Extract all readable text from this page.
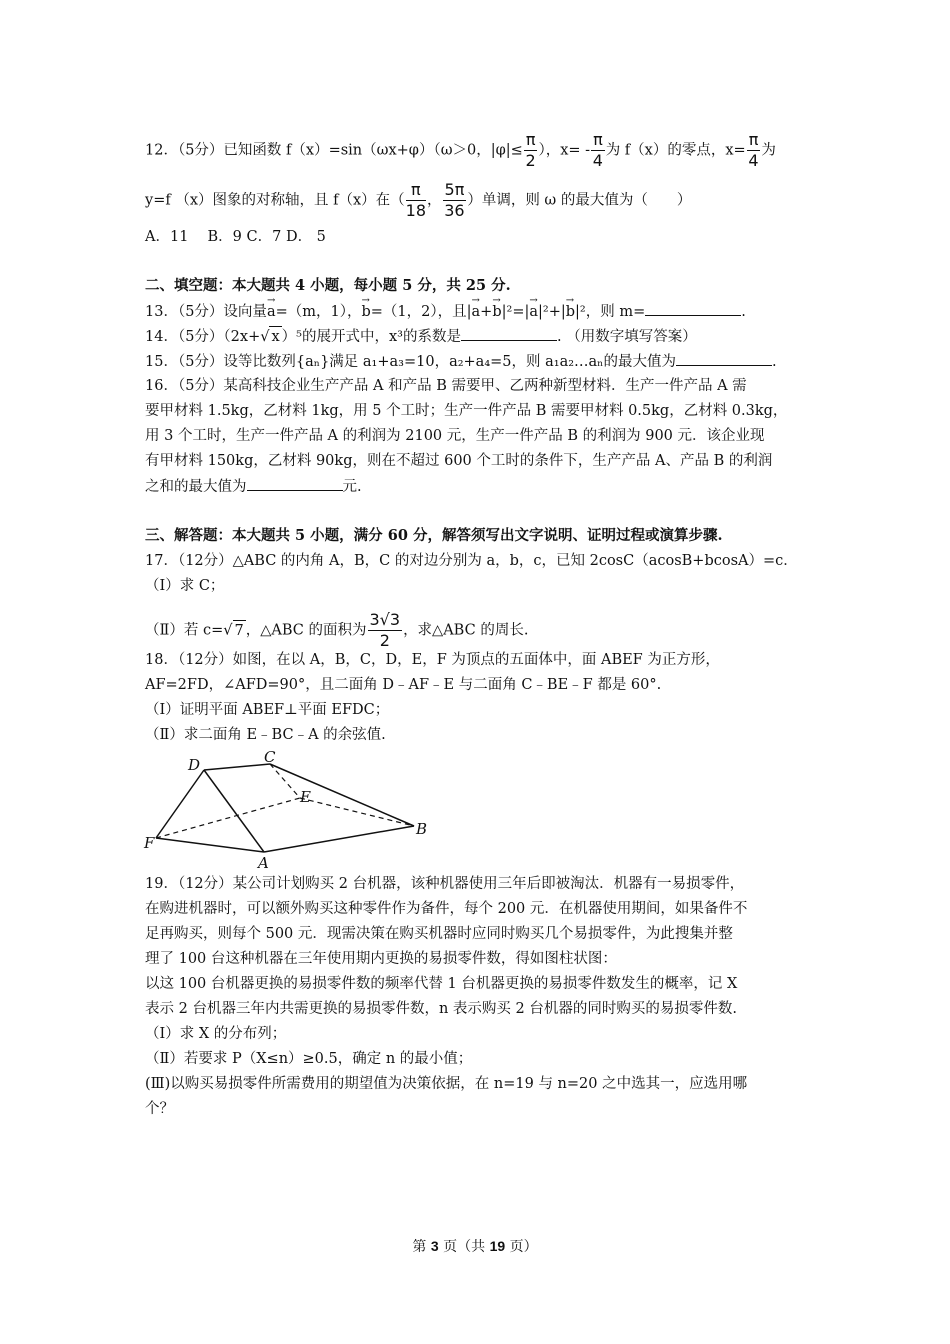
12．（5分）已知函数 f（x）=sin（ωx+φ）（ω＞0，$|\varphi|\le \frac{\pi}{2}$ ），$x= - \frac{\pi}{4}$ 为 f（x）的零点，$x= \frac{\pi}{4}$ 为
y=f （x）图象的对称轴，且 f（x）在（ $\frac{\pi}{18}$ ， $\frac{5\pi}{36}$ ）单调，则 ω 的最大值为（　　）
A．11　 B．9 C．7 D． 5
二、填空题：本大题共 4 小题，每小题 5 分，共 25 分.
13．（5分）设向量→ a=（m，1），→ b=（1，2），且|→ a+→ b|²=|→ a|²+|→ b|²，则 m=	.
14．（5分）（2x+√ x ）⁵的展开式中，x³的系数是	. （用数字填写答案）
15．（5分）设等比数列{aₙ}满足 a₁+a₃=10，a₂+a₄=5，则 a₁a₂…aₙ的最大值为	.
16．（5分）某高科技企业生产产品 A 和产品 B 需要甲、乙两种新型材料．生产一件产品 A 需
要甲材料 1.5kg，乙材料 1kg，用 5 个工时；生产一件产品 B 需要甲材料 0.5kg，乙材料 0.3kg，
用 3 个工时，生产一件产品 A 的利润为 2100 元，生产一件产品 B 的利润为 900 元．该企业现
有甲材料 150kg，乙材料 90kg，则在不超过 600 个工时的条件下，生产产品 A、产品 B 的利润
之和的最大值为	元.
三、解答题：本大题共 5 小题，满分 60 分，解答须写出文字说明、证明过程或演算步骤.
17．（12分）△ABC 的内角 A，B，C 的对边分别为 a，b，c，已知 2cosC（acosB+bcosA）=c．
（Ⅰ）求 C；
（Ⅱ）若 c=√ 7 ，△ABC 的面积为 $\frac{3√3}{2}$ ，求△ABC 的周长.
18．（12分）如图，在以 A，B，C，D，E，F 为顶点的五面体中，面 ABEF 为正方形，
AF=2FD，∠AFD=90°，且二面角 D﹣AF﹣E 与二面角 C﹣BE﹣F 都是 60°.
（Ⅰ）证明平面 ABEF⊥平面 EFDC；
（Ⅱ）求二面角 E﹣BC﹣A 的余弦值.
D	C
E
F
B
A
19．（12分）某公司计划购买 2 台机器，该种机器使用三年后即被淘汰．机器有一易损零件，
在购进机器时，可以额外购买这种零件作为备件，每个 200 元．在机器使用期间，如果备件不
足再购买，则每个 500 元．现需决策在购买机器时应同时购买几个易损零件，为此搜集并整
理了 100 台这种机器在三年使用期内更换的易损零件数，得如图柱状图：
以这 100 台机器更换的易损零件数的频率代替 1 台机器更换的易损零件数发生的概率，记 X
表示 2 台机器三年内共需更换的易损零件数，n 表示购买 2 台机器的同时购买的易损零件数.
（Ⅰ）求 X 的分布列；
（Ⅱ）若要求 P（X≤n）≥0.5，确定 n 的最小值；
(Ⅲ)以购买易损零件所需费用的期望值为决策依据，在 n=19 与 n=20 之中选其一，应选用哪
个？
第 3 页（共 19 页）
